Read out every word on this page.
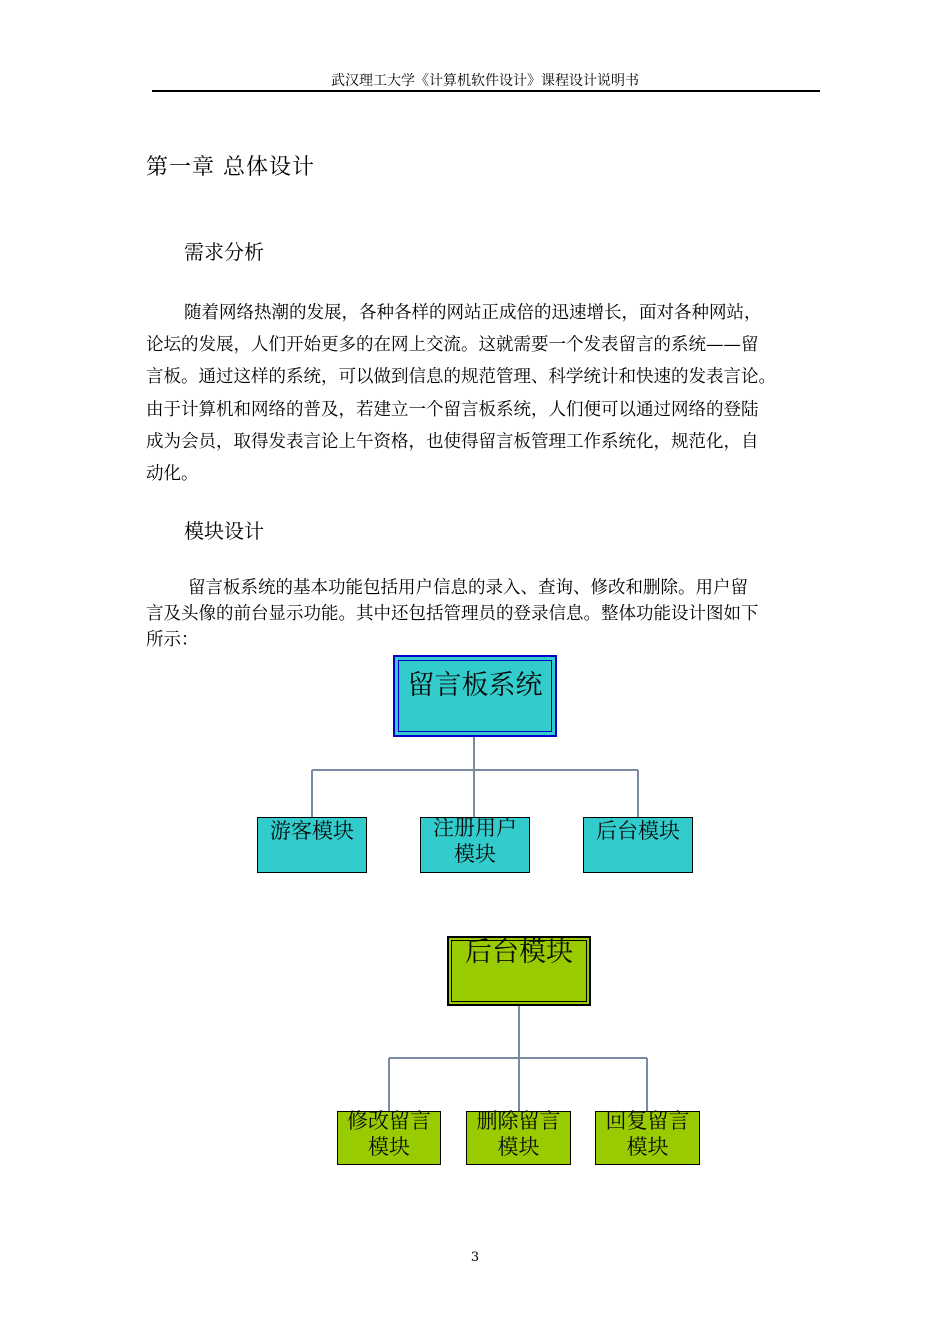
武汉理工大学《计算机软件设计》课程设计说明书
第一章 总体设计
需求分析
随着网络热潮的发展，各种各样的网站正成倍的迅速增长，面对各种网站，
论坛的发展，人们开始更多的在网上交流。这就需要一个发表留言的系统——留
言板。通过这样的系统，可以做到信息的规范管理、科学统计和快速的发表言论。
由于计算机和网络的普及，若建立一个留言板系统，人们便可以通过网络的登陆
成为会员，取得发表言论上午资格，也使得留言板管理工作系统化，规范化，自
动化。
模块设计
留言板系统的基本功能包括用户信息的录入、查询、修改和删除。用户留
言及头像的前台显示功能。其中还包括管理员的登录信息。整体功能设计图如下
所示：
留言板系统
游客模块	注册用户
模块
后台模块
后台模块
修改留言
模块
删除留言
模块
回复留言
模块
3
